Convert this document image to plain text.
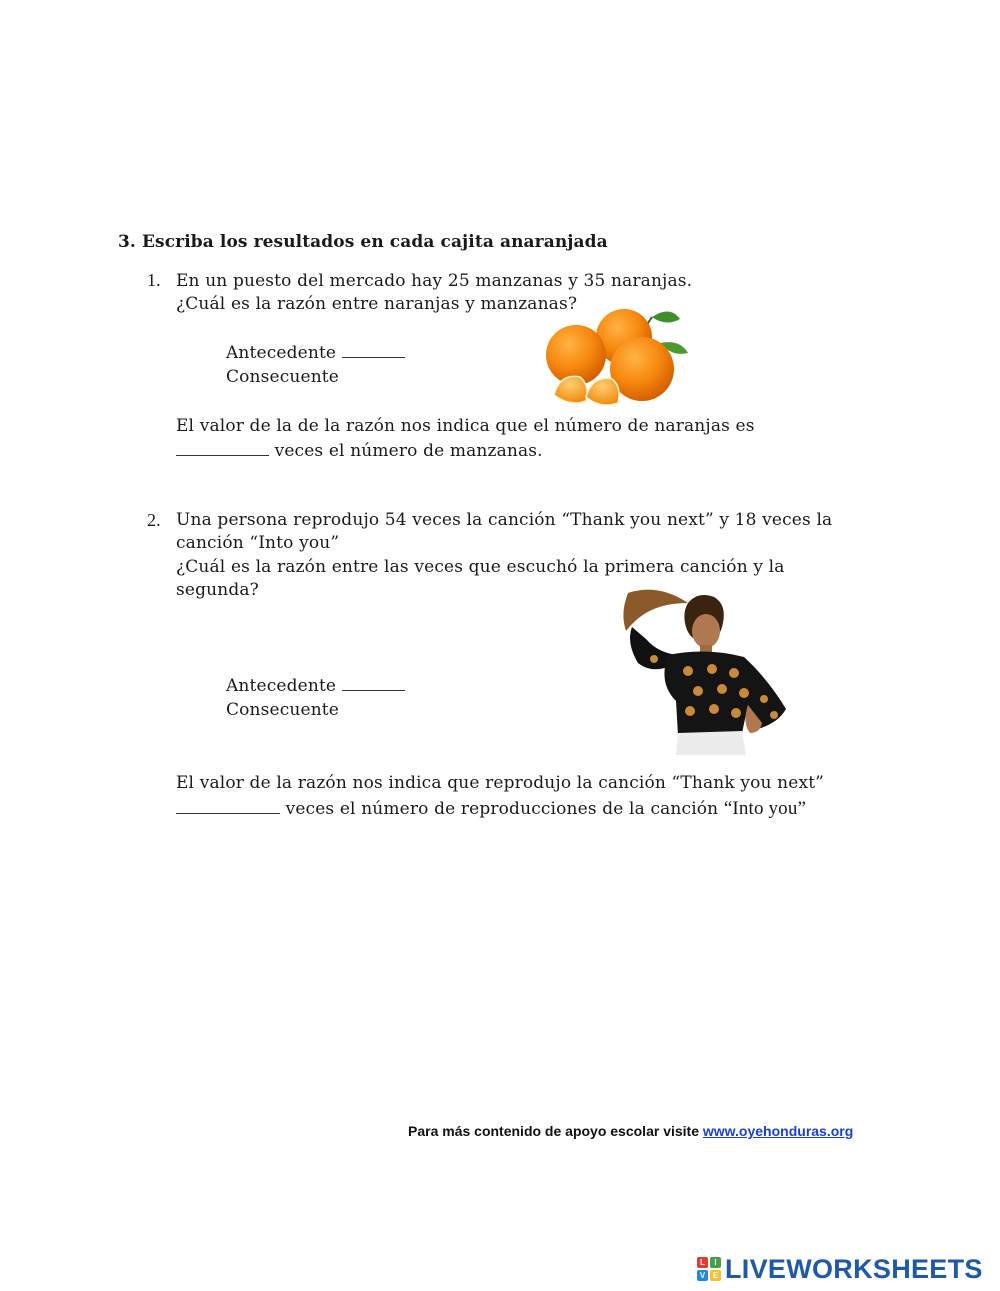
3. Escriba los resultados en cada cajita anaranjada
1. En un puesto del mercado hay 25 manzanas y 35 naranjas.
¿Cuál es la razón entre naranjas y manzanas?
Antecedente
Consecuente
El valor de la de la razón nos indica que el número de naranjas es
veces el número de manzanas.
2. Una persona reprodujo 54 veces la canción “Thank you next” y 18 veces la
canción “Into you”
¿Cuál es la razón entre las veces que escuchó la primera canción y la
segunda?
Antecedente
Consecuente
El valor de la razón nos indica que reprodujo la canción “Thank you next”
veces el número de reproducciones de la canción “Into you”
Para más contenido de apoyo escolar visite www.oyehonduras.org
L	I
V E LIVEWORKSHEETS
